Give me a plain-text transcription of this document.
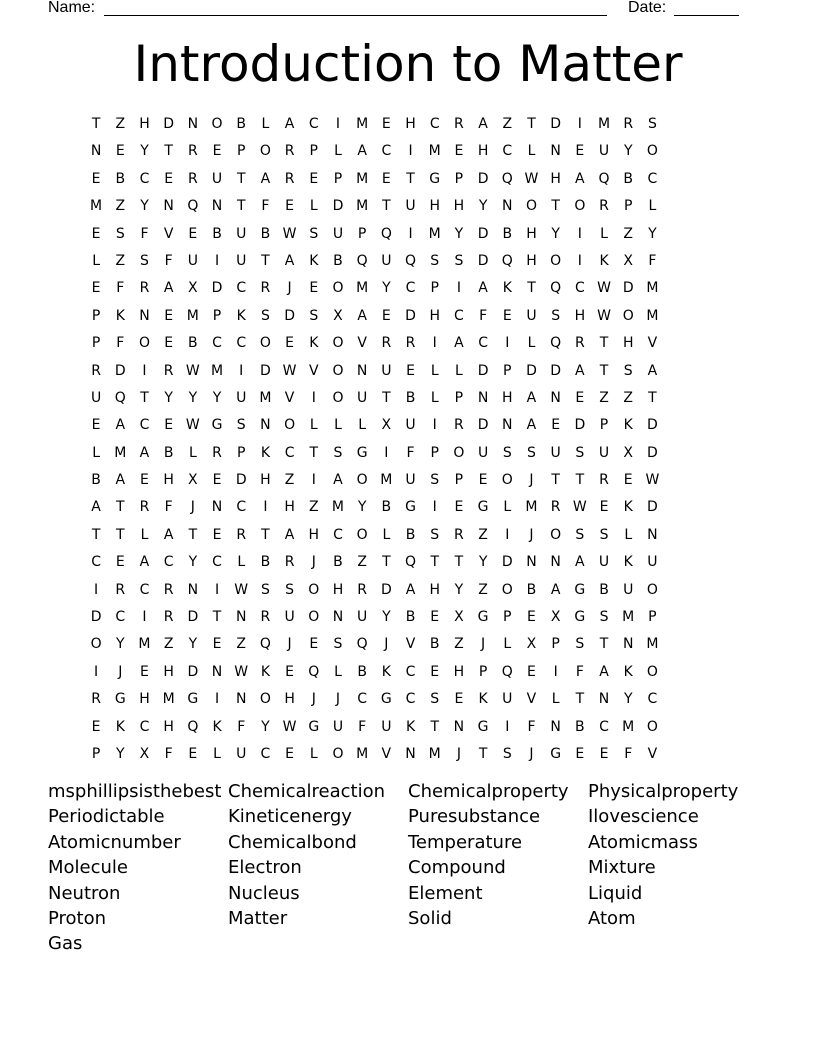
Name:	Date:
Introduction to Matter
T	Z	H D N O B	L	A	C	I	M E	H	C	R	A	Z	T	D	I	M R	S
N	E	Y	T	R	E	P	O R	P	L	A	C	I	M E	H	C	L	N	E	U	Y	O
E	B	C	E	R	U	T	A	R	E	P M E	T	G	P	D Q W H	A Q B	C
M Z	Y	N Q N	T	F	E	L	D M T	U H H	Y	N O	T	O R	P	L
E	S	F	V	E	B	U	B W S	U	P	Q	I	M Y	D B	H	Y	I	L	Z	Y
L	Z	S	F	U	I	U	T	A	K	B Q U Q	S	S	D Q H O	I	K	X	F
E	F	R	A	X	D C	R	J	E	O M Y	C	P	I	A	K	T	Q C W D M
P	K	N	E M P	K	S	D	S	X	A	E	D H	C	F	E	U	S	H W O M
P	F	O	E	B	C	C O	E	K	O V	R	R	I	A	C	I	L	Q R	T	H	V
R D	I	R W M	I	D W V O N U	E	L	L	D	P	D D	A	T	S	A
U Q	T	Y	Y	Y	U M V	I	O U	T	B	L	P	N H	A	N	E	Z	Z	T
E	A	C	E W G	S	N O	L	L	L	X	U	I	R D N	A	E	D	P	K	D
L	M A	B	L	R	P	K	C	T	S	G	I	F	P	O U	S	S	U	S	U	X	D
B	A	E	H	X	E	D H	Z	I	A O M U	S	P	E	O	J	T	T	R	E W
A	T	R	F	J	N	C	I	H	Z M Y	B G	I	E	G	L	M R W E	K	D
T	T	L	A	T	E	R	T	A	H	C O	L	B	S	R	Z	I	J	O	S	S	L	N
C	E	A	C	Y	C	L	B	R	J	B	Z	T	Q	T	T	Y	D N N	A	U	K	U
I	R	C	R	N	I	W S	S	O H	R D	A	H	Y	Z O B	A G B	U O
D C	I	R D	T	N	R	U O N U	Y	B	E	X G	P	E	X G	S M P
O	Y M Z	Y	E	Z Q	J	E	S	Q	J	V	B	Z	J	L	X	P	S	T	N M
I	J	E	H D N W K	E	Q	L	B	K	C	E	H	P	Q	E	I	F	A	K	O
R G H M G	I	N O H	J	J	C G C	S	E	K	U	V	L	T	N	Y	C
E	K	C	H Q	K	F	Y W G U	F	U	K	T	N G	I	F	N	B	C M O
P	Y	X	F	E	L	U	C	E	L	O M V	N M	J	T	S	J	G	E	E	F	V
msphillipsisthebest Chemicalreaction	Chemicalproperty	Physicalproperty
Periodictable	Kineticenergy	Puresubstance	Ilovescience
Atomicnumber	Chemicalbond	Temperature	Atomicmass
Molecule	Electron	Compound	Mixture
Neutron	Nucleus	Element	Liquid
Proton	Matter	Solid	Atom
Gas
